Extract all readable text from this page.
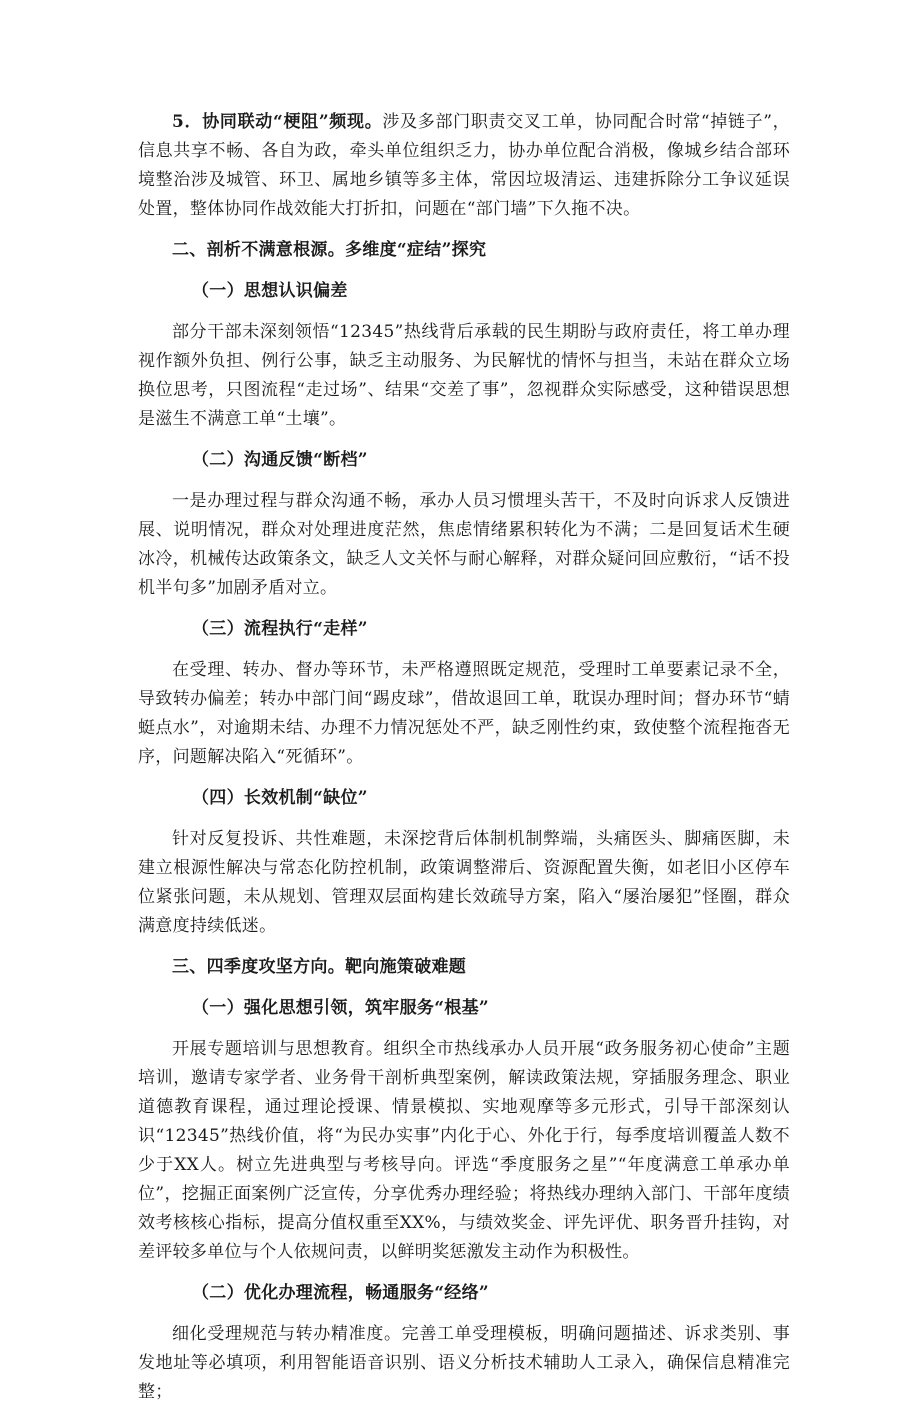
5．协同联动“梗阻”频现。涉及多部门职责交叉工单，协同配合时常“掉链子”，信息共享不畅、各自为政，牵头单位组织乏力，协办单位配合消极，像城乡结合部环境整治涉及城管、环卫、属地乡镇等多主体，常因垃圾清运、违建拆除分工争议延误处置，整体协同作战效能大打折扣，问题在“部门墙”下久拖不决。

二、剖析不满意根源。多维度“症结”探究

（一）思想认识偏差

部分干部未深刻领悟“12345”热线背后承载的民生期盼与政府责任，将工单办理视作额外负担、例行公事，缺乏主动服务、为民解忧的情怀与担当，未站在群众立场换位思考，只图流程“走过场”、结果“交差了事”，忽视群众实际感受，这种错误思想是滋生不满意工单“土壤”。

（二）沟通反馈“断档”

一是办理过程与群众沟通不畅，承办人员习惯埋头苦干，不及时向诉求人反馈进展、说明情况，群众对处理进度茫然，焦虑情绪累积转化为不满；二是回复话术生硬冰冷，机械传达政策条文，缺乏人文关怀与耐心解释，对群众疑问回应敷衍，“话不投机半句多”加剧矛盾对立。

（三）流程执行“走样”

在受理、转办、督办等环节，未严格遵照既定规范，受理时工单要素记录不全，导致转办偏差；转办中部门间“踢皮球”，借故退回工单，耽误办理时间；督办环节“蜻蜓点水”，对逾期未结、办理不力情况惩处不严，缺乏刚性约束，致使整个流程拖沓无序，问题解决陷入“死循环”。

（四）长效机制“缺位”

针对反复投诉、共性难题，未深挖背后体制机制弊端，头痛医头、脚痛医脚，未建立根源性解决与常态化防控机制，政策调整滞后、资源配置失衡，如老旧小区停车位紧张问题，未从规划、管理双层面构建长效疏导方案，陷入“屡治屡犯”怪圈，群众满意度持续低迷。

三、四季度攻坚方向。靶向施策破难题

（一）强化思想引领，筑牢服务“根基”

开展专题培训与思想教育。组织全市热线承办人员开展“政务服务初心使命”主题培训，邀请专家学者、业务骨干剖析典型案例，解读政策法规，穿插服务理念、职业道德教育课程，通过理论授课、情景模拟、实地观摩等多元形式，引导干部深刻认识“12345”热线价值，将“为民办实事”内化于心、外化于行，每季度培训覆盖人数不少于XX人。树立先进典型与考核导向。评选“季度服务之星”“年度满意工单承办单位”，挖掘正面案例广泛宣传，分享优秀办理经验；将热线办理纳入部门、干部年度绩效考核核心指标，提高分值权重至XX%，与绩效奖金、评先评优、职务晋升挂钩，对差评较多单位与个人依规问责，以鲜明奖惩激发主动作为积极性。

（二）优化办理流程，畅通服务“经络”

细化受理规范与转办精准度。完善工单受理模板，明确问题描述、诉求类别、事发地址等必填项，利用智能语音识别、语义分析技术辅助人工录入，确保信息精准完整；
